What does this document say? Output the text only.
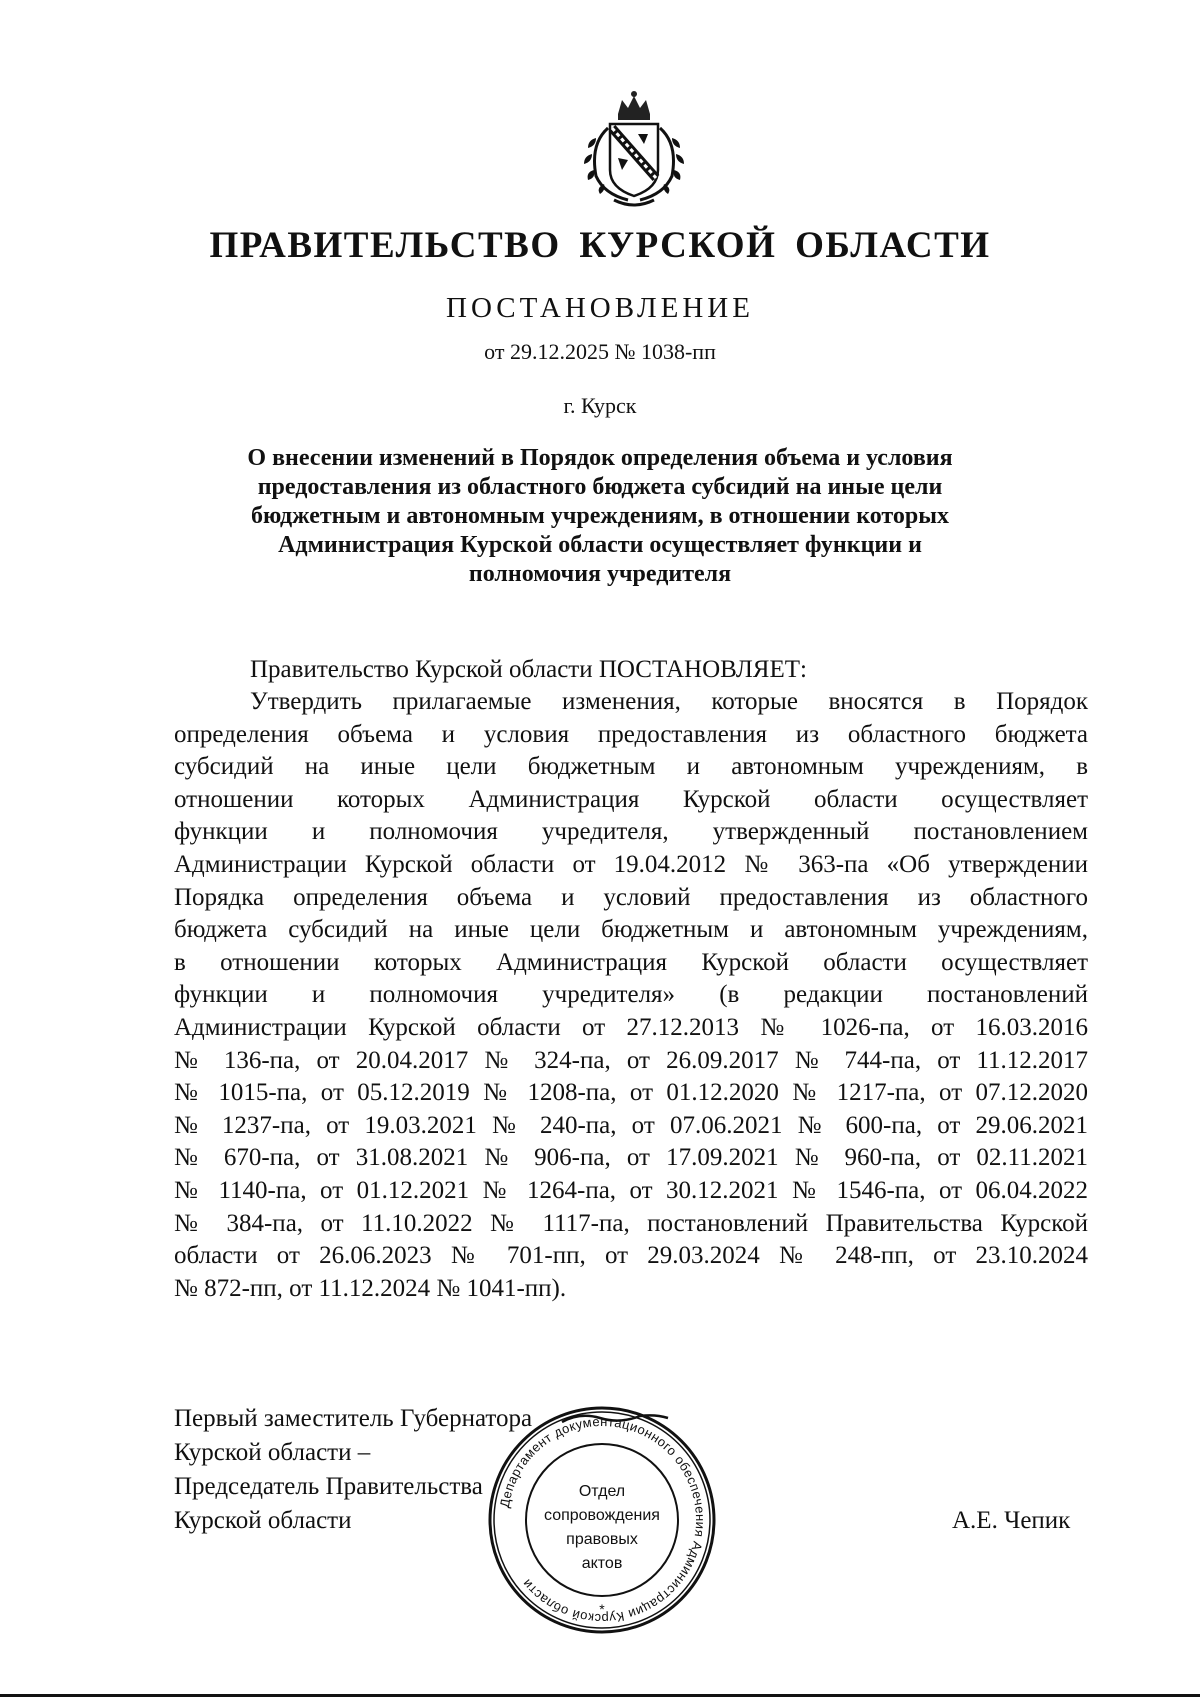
ПРАВИТЕЛЬСТВО КУРСКОЙ ОБЛАСТИ
ПОСТАНОВЛЕНИЕ
от 29.12.2025 № 1038-пп
г. Курск
О внесении изменений в Порядок определения объема и условия
предоставления из областного бюджета субсидий на иные цели
бюджетным и автономным учреждениям, в отношении которых
Администрация Курской области осуществляет функции и
полномочия учредителя
Правительство Курской области ПОСТАНОВЛЯЕТ:
Утвердить прилагаемые изменения, которые вносятся в Порядок
определения объема и условия предоставления из областного бюджета
субсидий на иные цели бюджетным и автономным учреждениям, в
отношении которых Администрация Курской области осуществляет
функции и полномочия учредителя, утвержденный постановлением
Администрации Курской области от 19.04.2012 № 363-па «Об утверждении
Порядка определения объема и условий предоставления из областного
бюджета субсидий на иные цели бюджетным и автономным учреждениям,
в отношении которых Администрация Курской области осуществляет
функции и полномочия учредителя» (в редакции постановлений
Администрации Курской области от 27.12.2013 № 1026-па, от 16.03.2016
№ 136-па, от 20.04.2017 № 324-па, от 26.09.2017 № 744-па, от 11.12.2017
№ 1015-па, от 05.12.2019 № 1208-па, от 01.12.2020 № 1217-па, от 07.12.2020
№ 1237-па, от 19.03.2021 № 240-па, от 07.06.2021 № 600-па, от 29.06.2021
№ 670-па, от 31.08.2021 № 906-па, от 17.09.2021 № 960-па, от 02.11.2021
№ 1140-па, от 01.12.2021 № 1264-па, от 30.12.2021 № 1546-па, от 06.04.2022
№ 384-па, от 11.10.2022 № 1117-па, постановлений Правительства Курской
области от 26.06.2023 № 701-пп, от 29.03.2024 № 248-пп, от 23.10.2024
№ 872-пп, от 11.12.2024 № 1041-пп).
Первый заместитель Губернатора
Курской области –
Председатель Правительства
Курской области	А.Е. Чепик
Департамент документационного обеспечения Администрации Курской области
*
Отдел
сопровождения
правовых
актов
